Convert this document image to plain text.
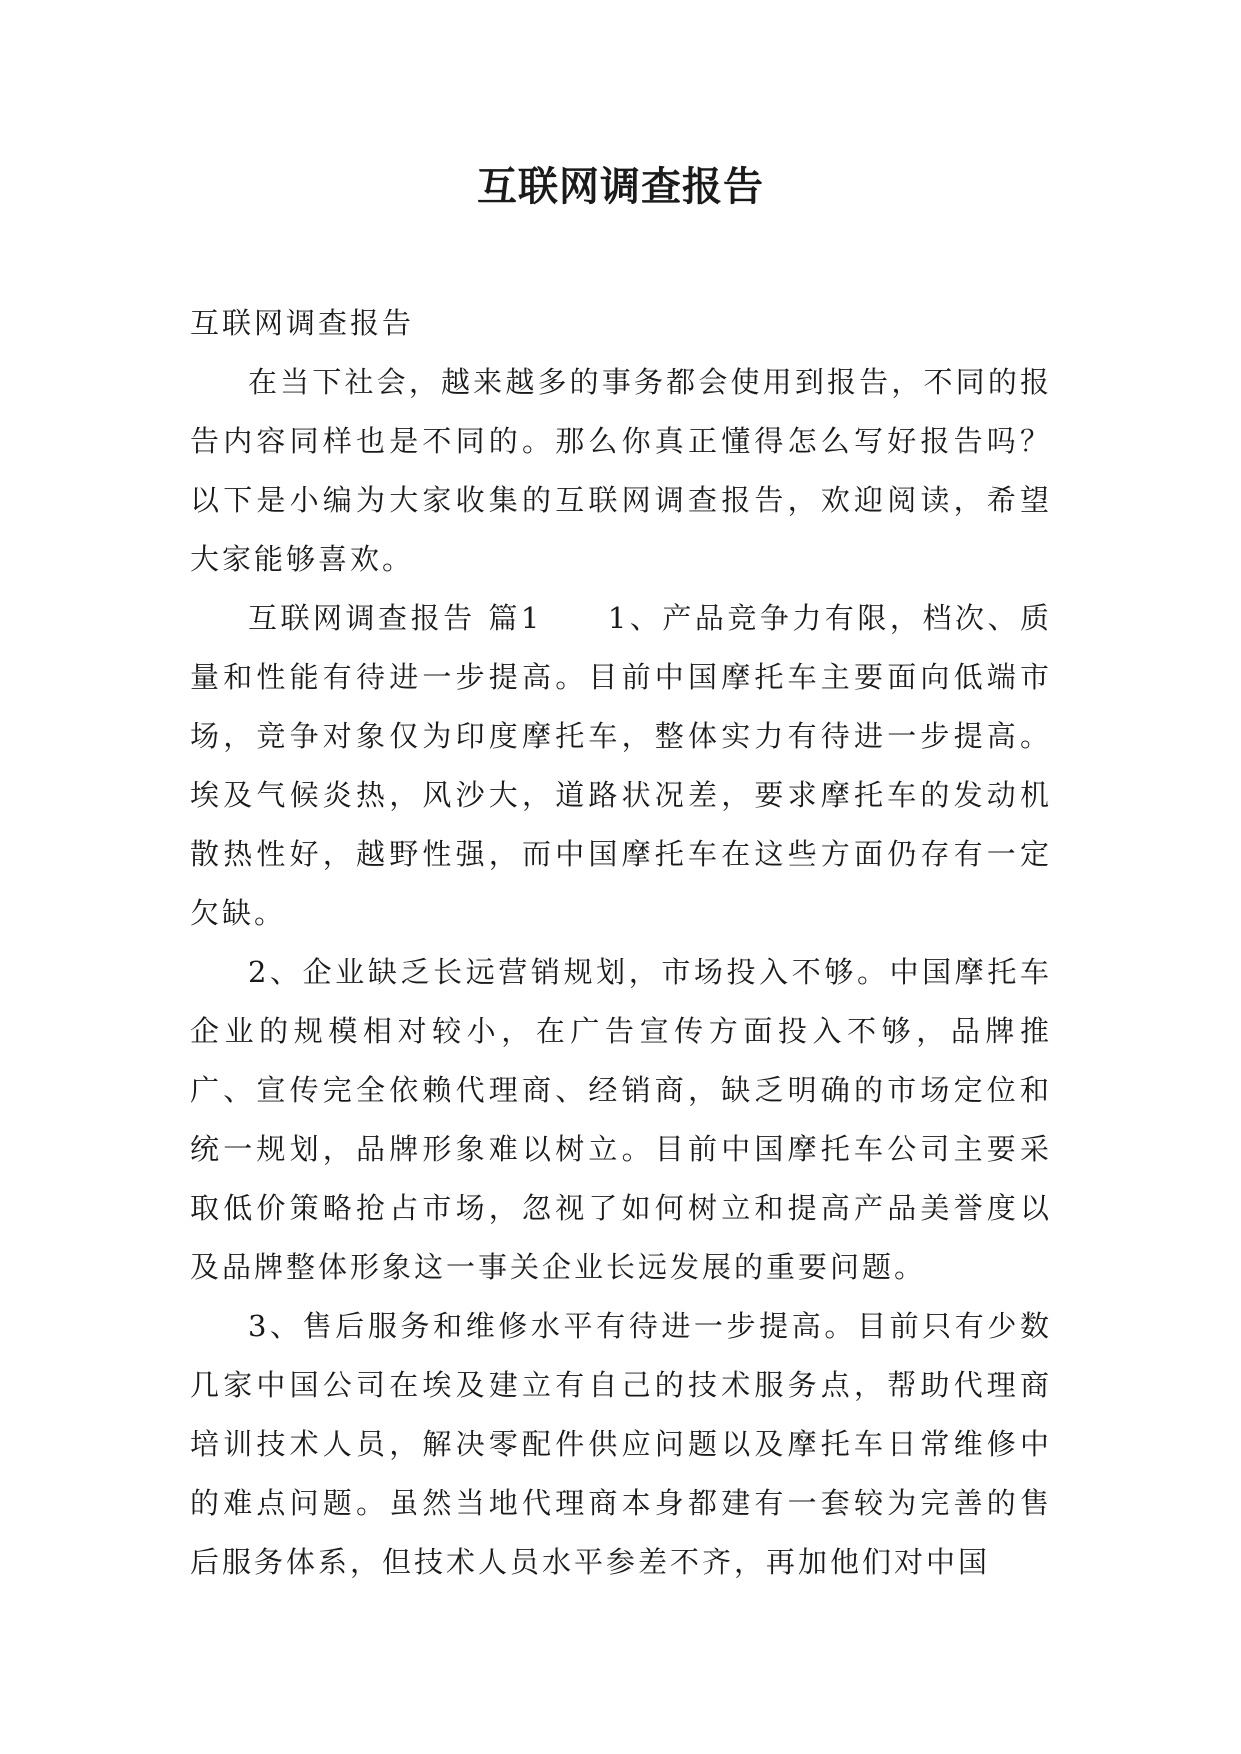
互联网调查报告

互联网调查报告

在当下社会，越来越多的事务都会使用到报告，不同的报告内容同样也是不同的。那么你真正懂得怎么写好报告吗？以下是小编为大家收集的互联网调查报告，欢迎阅读，希望大家能够喜欢。

互联网调查报告 篇1　　1、产品竞争力有限，档次、质量和性能有待进一步提高。目前中国摩托车主要面向低端市场，竞争对象仅为印度摩托车，整体实力有待进一步提高。埃及气候炎热，风沙大，道路状况差，要求摩托车的发动机散热性好，越野性强，而中国摩托车在这些方面仍存有一定欠缺。

2、企业缺乏长远营销规划，市场投入不够。中国摩托车企业的规模相对较小，在广告宣传方面投入不够，品牌推广、宣传完全依赖代理商、经销商，缺乏明确的市场定位和统一规划，品牌形象难以树立。目前中国摩托车公司主要采取低价策略抢占市场，忽视了如何树立和提高产品美誉度以及品牌整体形象这一事关企业长远发展的重要问题。

3、售后服务和维修水平有待进一步提高。目前只有少数几家中国公司在埃及建立有自己的技术服务点，帮助代理商培训技术人员，解决零配件供应问题以及摩托车日常维修中的难点问题。虽然当地代理商本身都建有一套较为完善的售后服务体系，但技术人员水平参差不齐，再加他们对中国
